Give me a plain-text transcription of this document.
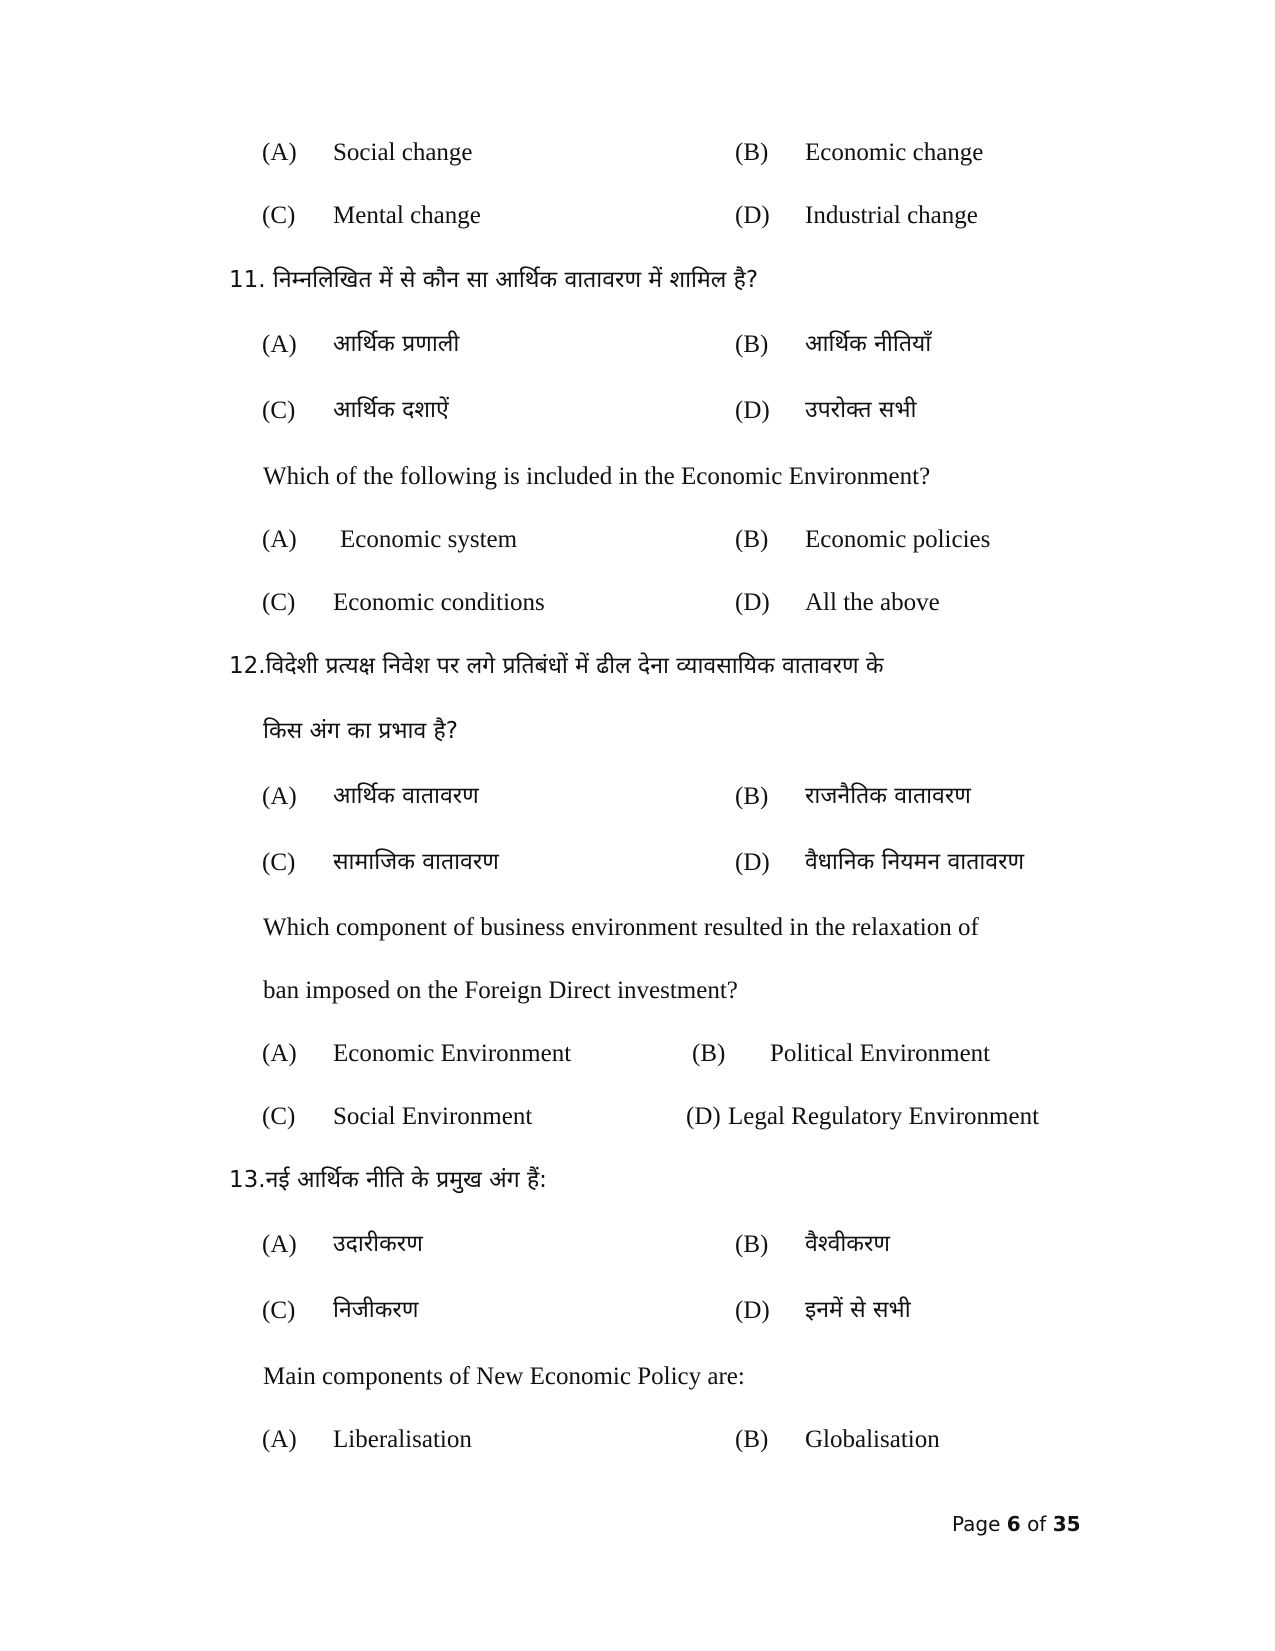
(A) Social change	(B) Economic change
(C) Mental change	(D) Industrial change
11. निम्नलिखित में से कौन सा आर्थिक वातावरण में शामिल है?
(A) आर्थिक प्रणाली	(B) आर्थिक नीतियाँ
(C) आर्थिक दशाऐं	(D) उपरोक्त सभी
Which of the following is included in the Economic Environment?
(A) Economic system	(B) Economic policies
(C) Economic conditions	(D) All the above
12.विदेशी प्रत्यक्ष निवेश पर लगे प्रतिबंधों में ढील देना व्यावसायिक वातावरण के
किस अंग का प्रभाव है?
(A) आर्थिक वातावरण	(B) राजनैतिक वातावरण
(C) सामाजिक वातावरण	(D) वैधानिक नियमन वातावरण
Which component of business environment resulted in the relaxation of
ban imposed on the Foreign Direct investment?
(A) Economic Environment	(B) Political Environment
(C) Social Environment	(D) Legal Regulatory Environment
13.नई आर्थिक नीति के प्रमुख अंग हैं:
(A) उदारीकरण	(B) वैश्वीकरण
(C) निजीकरण	(D) इनमें से सभी
Main components of New Economic Policy are:
(A) Liberalisation	(B) Globalisation
Page 6 of 35
